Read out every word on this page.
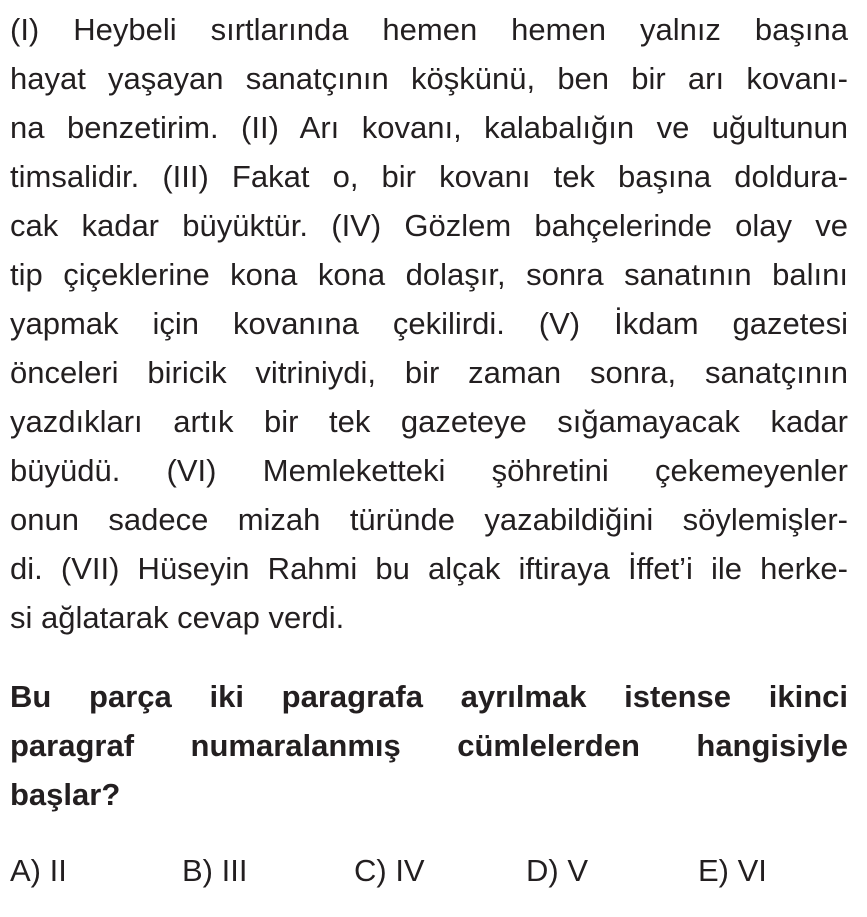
(I) Heybeli sırtlarında hemen hemen yalnız başına
hayat yaşayan sanatçının köşkünü, ben bir arı kovanı-
na benzetirim. (II) Arı kovanı, kalabalığın ve uğultunun
timsalidir. (III) Fakat o, bir kovanı tek başına doldura-
cak kadar büyüktür. (IV) Gözlem bahçelerinde olay ve
tip çiçeklerine kona kona dolaşır, sonra sanatının balını
yapmak için kovanına çekilirdi. (V) İkdam gazetesi
önceleri biricik vitriniydi, bir zaman sonra, sanatçının
yazdıkları artık bir tek gazeteye sığamayacak kadar
büyüdü. (VI) Memleketteki şöhretini çekemeyenler
onun sadece mizah türünde yazabildiğini söylemişler-
di. (VII) Hüseyin Rahmi bu alçak iftiraya İffet’i ile herke-
si ağlatarak cevap verdi.
Bu parça iki paragrafa ayrılmak istense ikinci
paragraf numaralanmış cümlelerden hangisiyle
başlar?
A) II	B) III	C) IV	D) V	E) VI
